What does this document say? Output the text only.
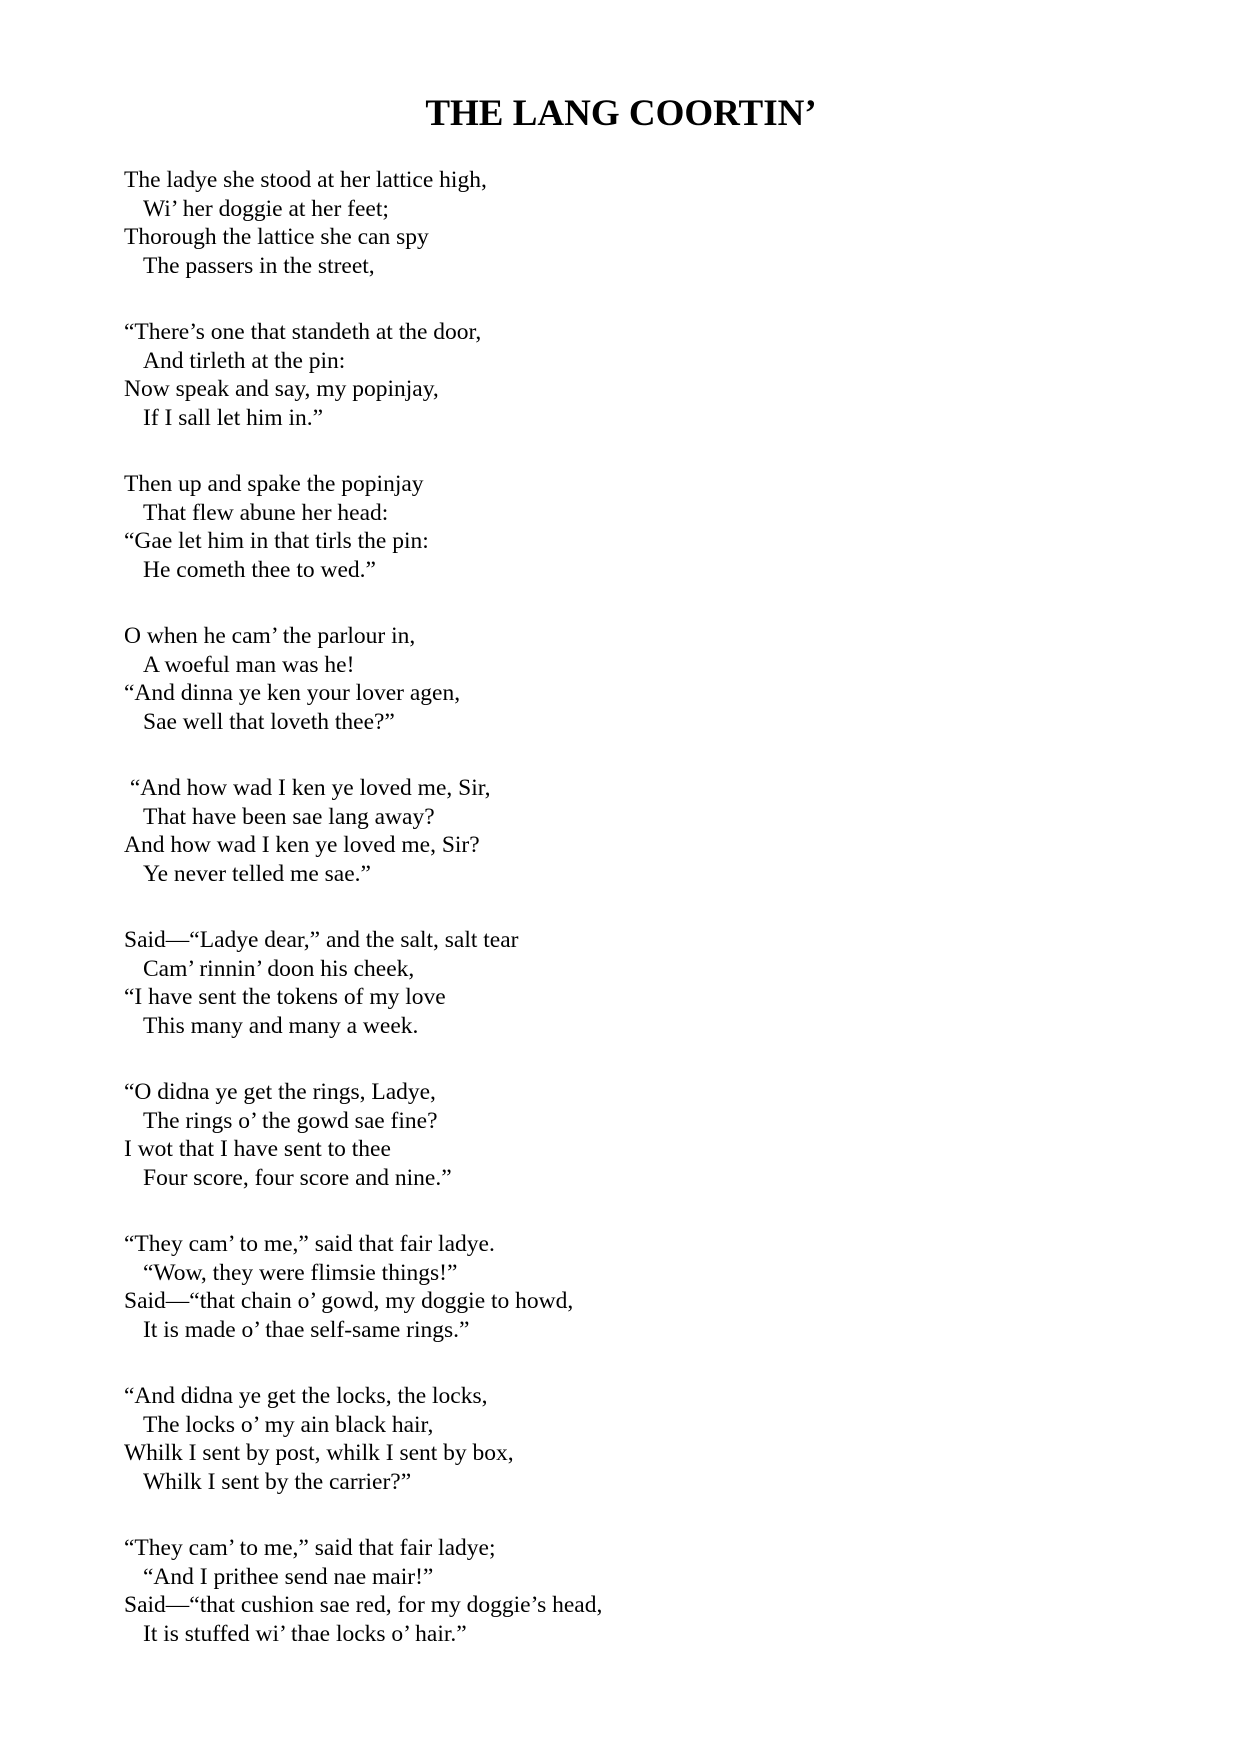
THE LANG COORTIN’
The ladye she stood at her lattice high,
Wi’ her doggie at her feet;
Thorough the lattice she can spy
The passers in the street,
“There’s one that standeth at the door,
And tirleth at the pin:
Now speak and say, my popinjay,
If I sall let him in.”
Then up and spake the popinjay
That flew abune her head:
“Gae let him in that tirls the pin:
He cometh thee to wed.”
O when he cam’ the parlour in,
A woeful man was he!
“And dinna ye ken your lover agen,
Sae well that loveth thee?”
“And how wad I ken ye loved me, Sir,
That have been sae lang away?
And how wad I ken ye loved me, Sir?
Ye never telled me sae.”
Said—“Ladye dear,” and the salt, salt tear
Cam’ rinnin’ doon his cheek,
“I have sent the tokens of my love
This many and many a week.
“O didna ye get the rings, Ladye,
The rings o’ the gowd sae fine?
I wot that I have sent to thee
Four score, four score and nine.”
“They cam’ to me,” said that fair ladye.
“Wow, they were flimsie things!”
Said—“that chain o’ gowd, my doggie to howd,
It is made o’ thae self-same rings.”
“And didna ye get the locks, the locks,
The locks o’ my ain black hair,
Whilk I sent by post, whilk I sent by box,
Whilk I sent by the carrier?”
“They cam’ to me,” said that fair ladye;
“And I prithee send nae mair!”
Said—“that cushion sae red, for my doggie’s head,
It is stuffed wi’ thae locks o’ hair.”
